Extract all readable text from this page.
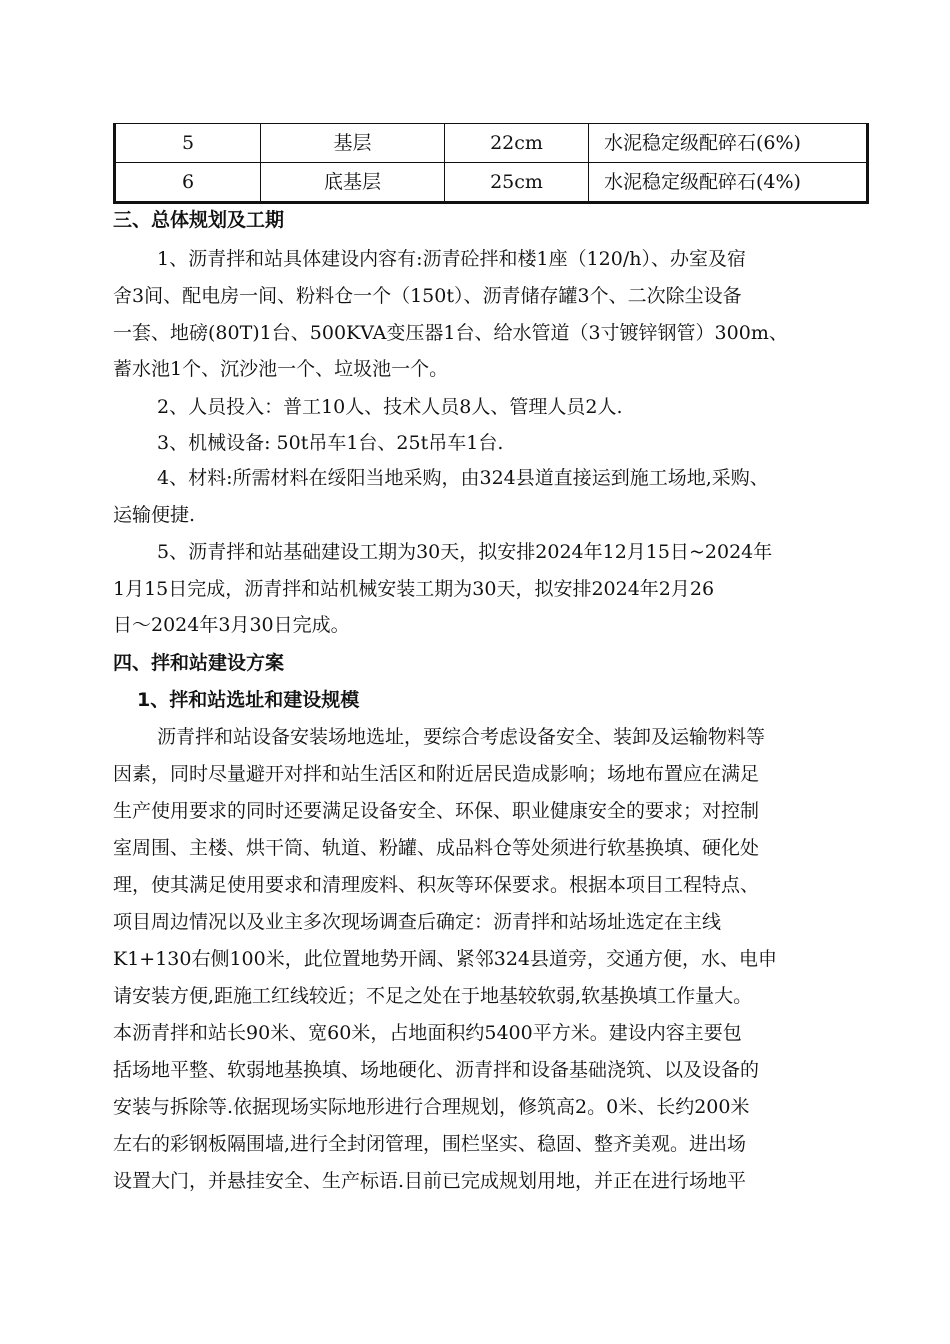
5	基层	22cm	水泥稳定级配碎石(6%)
6	底基层	25cm	水泥稳定级配碎石(4%)
三、总体规划及工期
1、沥青拌和站具体建设内容有:沥青砼拌和楼1座（120/h）、办室及宿
舍3间、配电房一间、粉料仓一个（150t）、沥青储存罐3个、二次除尘设备
一套、地磅(80T)1台、500KVA变压器1台、给水管道（3寸镀锌钢管）300m、
蓄水池1个、沉沙池一个、垃圾池一个。
2、人员投入：普工10人、技术人员8人、管理人员2人.
3、机械设备: 50t吊车1台、25t吊车1台.
4、材料:所需材料在绥阳当地采购，由324县道直接运到施工场地,采购、
运输便捷.
5、沥青拌和站基础建设工期为30天，拟安排2024年12月15日~2024年
1月15日完成，沥青拌和站机械安装工期为30天，拟安排2024年2月26
日～2024年3月30日完成。
四、拌和站建设方案
1、拌和站选址和建设规模
沥青拌和站设备安装场地选址，要综合考虑设备安全、装卸及运输物料等
因素，同时尽量避开对拌和站生活区和附近居民造成影响；场地布置应在满足
生产使用要求的同时还要满足设备安全、环保、职业健康安全的要求；对控制
室周围、主楼、烘干筒、轨道、粉罐、成品料仓等处须进行软基换填、硬化处
理，使其满足使用要求和清理废料、积灰等环保要求。根据本项目工程特点、
项目周边情况以及业主多次现场调查后确定：沥青拌和站场址选定在主线
K1+130右侧100米，此位置地势开阔、紧邻324县道旁，交通方便，水、电申
请安装方便,距施工红线较近；不足之处在于地基较软弱,软基换填工作量大。
本沥青拌和站长90米、宽60米，占地面积约5400平方米。建设内容主要包
括场地平整、软弱地基换填、场地硬化、沥青拌和设备基础浇筑、以及设备的
安装与拆除等.依据现场实际地形进行合理规划，修筑高2。0米、长约200米
左右的彩钢板隔围墙,进行全封闭管理，围栏坚实、稳固、整齐美观。进出场
设置大门，并悬挂安全、生产标语.目前已完成规划用地，并正在进行场地平
